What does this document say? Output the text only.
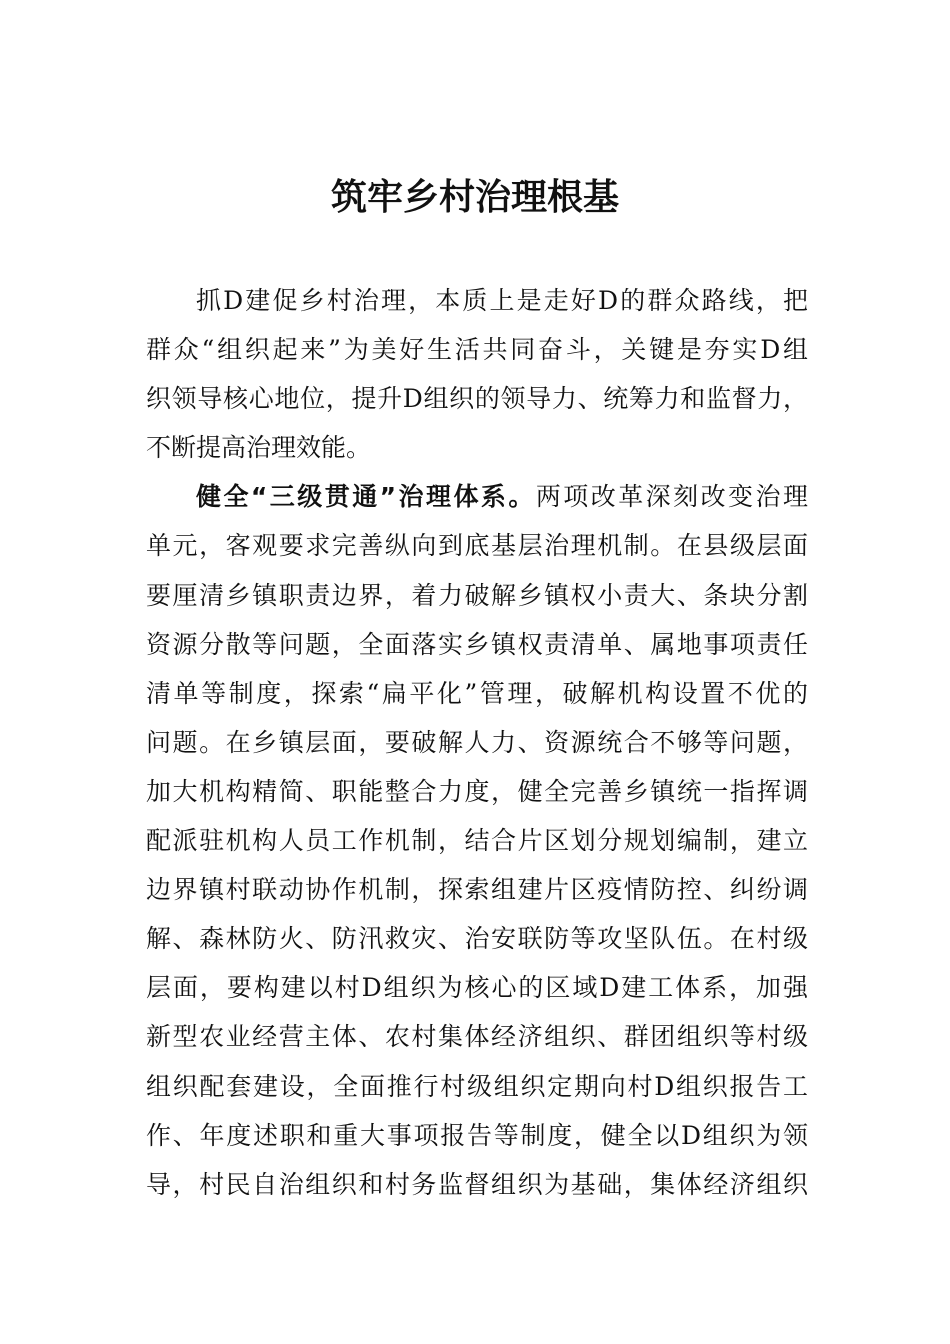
筑牢乡村治理根基
抓D建促乡村治理，本质上是走好D的群众路线，把
群众“组织起来”为美好生活共同奋斗，关键是夯实D组
织领导核心地位，提升D组织的领导力、统筹力和监督力，
不断提高治理效能。
健全“三级贯通”治理体系。两项改革深刻改变治理
单元，客观要求完善纵向到底基层治理机制。在县级层面
要厘清乡镇职责边界，着力破解乡镇权小责大、条块分割
资源分散等问题，全面落实乡镇权责清单、属地事项责任
清单等制度，探索“扁平化”管理，破解机构设置不优的
问题。在乡镇层面，要破解人力、资源统合不够等问题，
加大机构精简、职能整合力度，健全完善乡镇统一指挥调
配派驻机构人员工作机制，结合片区划分规划编制，建立
边界镇村联动协作机制，探索组建片区疫情防控、纠纷调
解、森林防火、防汛救灾、治安联防等攻坚队伍。在村级
层面，要构建以村D组织为核心的区域D建工体系，加强
新型农业经营主体、农村集体经济组织、群团组织等村级
组织配套建设，全面推行村级组织定期向村D组织报告工
作、年度述职和重大事项报告等制度，健全以D组织为领
导，村民自治组织和村务监督组织为基础，集体经济组织
